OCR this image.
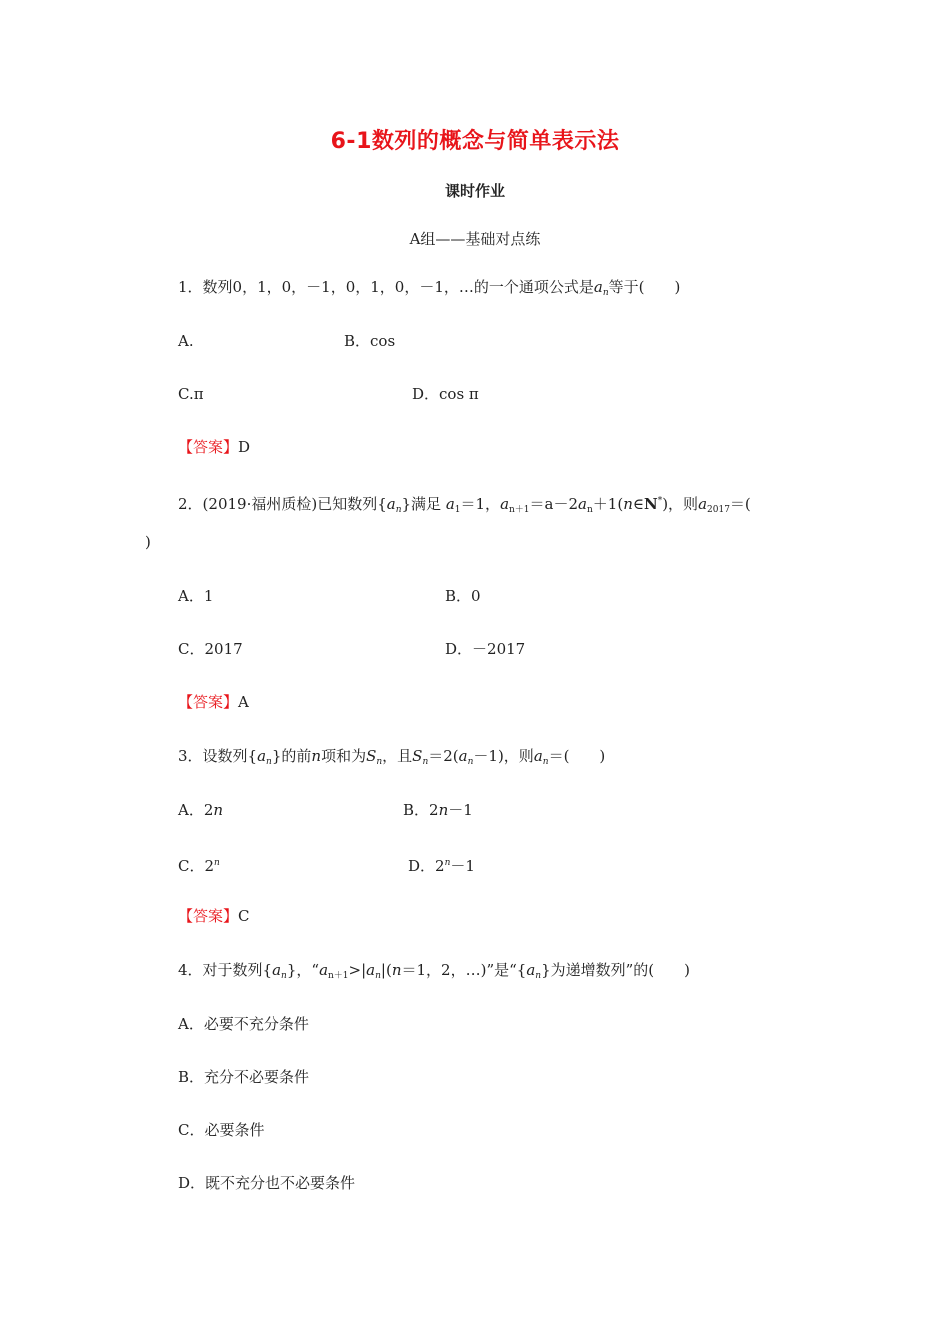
6-1数列的概念与简单表示法
课时作业
A组——基础对点练
1．数列0，1，0，－1，0，1，0，－1，…的一个通项公式是$a_n$等于(　　)
A.	B．cos
C.π	D．cos π
【答案】D
2．(2019·福州质检)已知数列$\{a_n\}$满足 $a_1=1$，$a_{n+1}=a-2a_n+1(n\in N^*)$，则$a_{2017}=$(
)
A．1	B．0
C．2017	D．－2017
【答案】A
3．设数列$\{a_n\}$的前n项和为$S_n$，且$S_n=2(a_n-1)$，则$a_n=$(　　)
A．2n	B．2n－1
C．2$^n$	D．$2^n-1$
【答案】C
4．对于数列$\{a_n\}$，“$a_{n+1}>|a_n|(n=1$，2，…)”是“$\{a_n\}$为递增数列”的(　　)
A．必要不充分条件
B．充分不必要条件
C．必要条件
D．既不充分也不必要条件
